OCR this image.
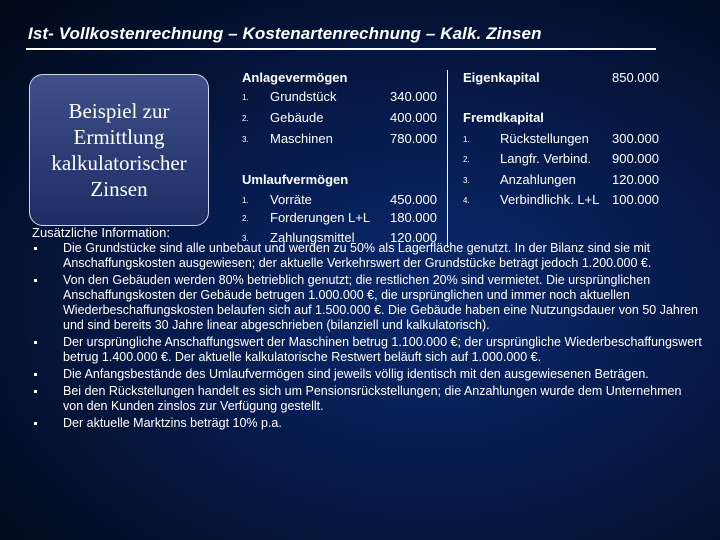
Ist- Vollkostenrechnung – Kostenartenrechnung – Kalk. Zinsen
Beispiel zur
Ermittlung
kalkulatorischer
Zinsen
Anlagevermögen
1. Grundstück	340.000
2. Gebäude	400.000
3. Maschinen	780.000
Umlaufvermögen
1. Vorräte	450.000
2. Forderungen L+L 180.000
3. Zahlungsmittel	120.000
Eigenkapital	850.000
Fremdkapital
1. Rückstellungen 300.000
2. Langfr. Verbind. 900.000
3. Anzahlungen	120.000
4. Verbindlichk. L+L 100.000
Zusätzliche Information:
Die Grundstücke sind alle unbebaut und werden zu 50% als Lagerfläche genutzt. In der Bilanz sind sie mit Anschaffungskosten ausgewiesen; der aktuelle Verkehrswert der Grundstücke beträgt jedoch 1.200.000 €.
Von den Gebäuden werden 80% betrieblich genutzt; die restlichen 20% sind vermietet. Die ursprünglichen Anschaffungskosten der Gebäude betrugen 1.000.000 €, die ursprünglichen und immer noch aktuellen Wiederbeschaffungskosten belaufen sich auf 1.500.000 €. Die Gebäude haben eine Nutzungsdauer von 50 Jahren und sind bereits 30 Jahre linear abgeschrieben (bilanziell und kalkulatorisch).
Der ursprüngliche Anschaffungswert der Maschinen betrug 1.100.000 €; der ursprüngliche Wiederbeschaffungswert betrug 1.400.000 €. Der aktuelle kalkulatorische Restwert beläuft sich auf 1.000.000 €.
Die Anfangsbestände des Umlaufvermögen sind jeweils völlig identisch mit den ausgewiesenen Beträgen.
Bei den Rückstellungen handelt es sich um Pensionsrückstellungen; die Anzahlungen wurde dem Unternehmen von den Kunden zinslos zur Verfügung gestellt.
Der aktuelle Marktzins beträgt 10% p.a.
